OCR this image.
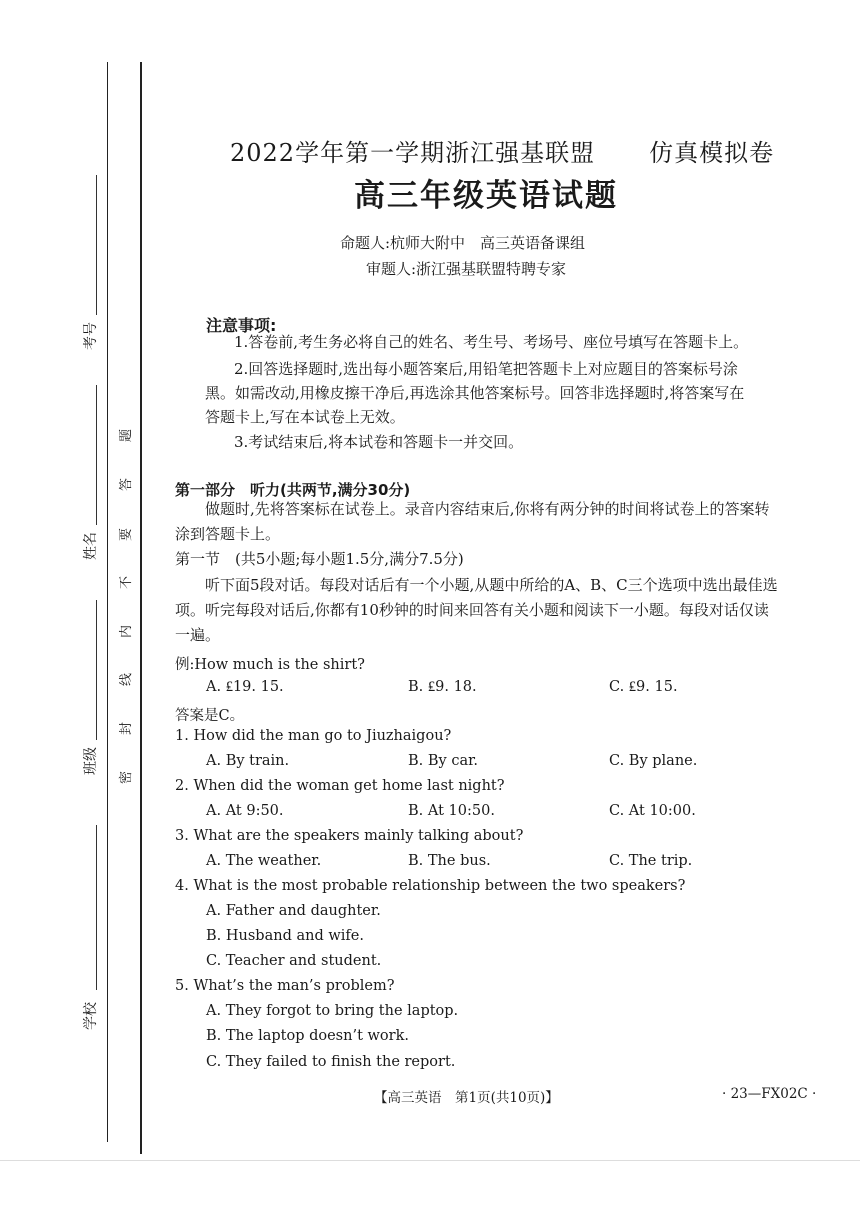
考号
姓名
班级
学校
密
封
线
内
不
要
答
题
2022学年第一学期浙江强基联盟 仿真模拟卷
高三年级英语试题
命题人:杭师大附中　高三英语备课组
审题人:浙江强基联盟特聘专家
注意事项:
1.答卷前,考生务必将自己的姓名、考生号、考场号、座位号填写在答题卡上。
2.回答选择题时,选出每小题答案后,用铅笔把答题卡上对应题目的答案标号涂
黑。如需改动,用橡皮擦干净后,再选涂其他答案标号。回答非选择题时,将答案写在
答题卡上,写在本试卷上无效。
3.考试结束后,将本试卷和答题卡一并交回。
第一部分　听力(共两节,满分30分)
做题时,先将答案标在试卷上。录音内容结束后,你将有两分钟的时间将试卷上的答案转
涂到答题卡上。
第一节　(共5小题;每小题1.5分,满分7.5分)
听下面5段对话。每段对话后有一个小题,从题中所给的A、B、C三个选项中选出最佳选
项。听完每段对话后,你都有10秒钟的时间来回答有关小题和阅读下一小题。每段对话仅读
一遍。
例:How much is the shirt?
A. ₤19. 15.	B. ₤9. 18.	C. ₤9. 15.
答案是C。
1. How did the man go to Jiuzhaigou?
A. By train.	B. By car.	C. By plane.
2. When did the woman get home last night?
A. At 9:50.	B. At 10:50.	C. At 10:00.
3. What are the speakers mainly talking about?
A. The weather.	B. The bus.	C. The trip.
4. What is the most probable relationship between the two speakers?
A. Father and daughter.
B. Husband and wife.
C. Teacher and student.
5. What’s the man’s problem?
A. They forgot to bring the laptop.
B. The laptop doesn’t work.
C. They failed to finish the report.
【高三英语　第1页(共10页)】	· 23—FX02C ·
